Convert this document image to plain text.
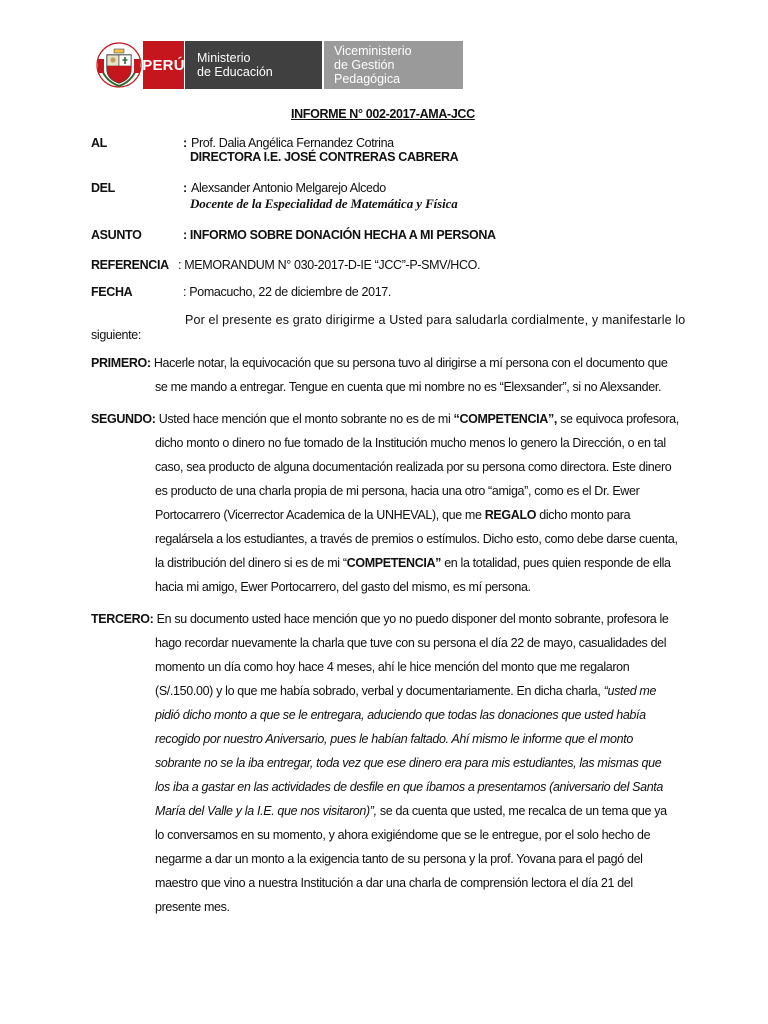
PERÚ Ministerio
de Educación
Viceministerio
de Gestión Pedagógica
INFORME N° 002-2017-AMA-JCC
AL	: Prof. Dalia Angélica Fernandez Cotrina
DIRECTORA I.E. JOSÉ CONTRERAS CABRERA
DEL	: Alexsander Antonio Melgarejo Alcedo
Docente de la Especialidad de Matemática y Física
ASUNTO	: INFORMO SOBRE DONACIÓN HECHA A MI PERSONA
REFERENCIA : MEMORANDUM N° 030-2017-D-IE “JCC”-P-SMV/HCO.
FECHA	: Pomacucho, 22 de diciembre de 2017.
Por el presente es grato dirigirme a Usted para saludarla cordialmente, y manifestarle lo
siguiente:
PRIMERO: Hacerle notar, la equivocación que su persona tuvo al dirigirse a mí persona con el documento que
se me mando a entregar. Tengue en cuenta que mi nombre no es “Elexsander”, si no Alexsander.
SEGUNDO: Usted hace mención que el monto sobrante no es de mi “COMPETENCIA”, se equivoca profesora,
dicho monto o dinero no fue tomado de la Institución mucho menos lo genero la Dirección, o en tal
caso, sea producto de alguna documentación realizada por su persona como directora. Este dinero
es producto de una charla propia de mi persona, hacia una otro “amiga”, como es el Dr. Ewer
Portocarrero (Vicerrector Academica de la UNHEVAL), que me REGALO dicho monto para
regalársela a los estudiantes, a través de premios o estímulos. Dicho esto, como debe darse cuenta,
la distribución del dinero si es de mi “COMPETENCIA” en la totalidad, pues quien responde de ella
hacia mi amigo, Ewer Portocarrero, del gasto del mismo, es mí persona.
TERCERO: En su documento usted hace mención que yo no puedo disponer del monto sobrante, profesora le
hago recordar nuevamente la charla que tuve con su persona el día 22 de mayo, casualidades del
momento un día como hoy hace 4 meses, ahí le hice mención del monto que me regalaron
(S/.150.00) y lo que me había sobrado, verbal y documentariamente. En dicha charla, “usted me
pidió dicho monto a que se le entregara, aduciendo que todas las donaciones que usted había
recogido por nuestro Aniversario, pues le habían faltado. Ahí mismo le informe que el monto
sobrante no se la iba entregar, toda vez que ese dinero era para mis estudiantes, las mismas que
los iba a gastar en las actividades de desfile en que íbamos a presentamos (aniversario del Santa
María del Valle y la I.E. que nos visitaron)”, se da cuenta que usted, me recalca de un tema que ya
lo conversamos en su momento, y ahora exigiéndome que se le entregue, por el solo hecho de
negarme a dar un monto a la exigencia tanto de su persona y la prof. Yovana para el pagó del
maestro que vino a nuestra Institución a dar una charla de comprensión lectora el día 21 del
presente mes.
